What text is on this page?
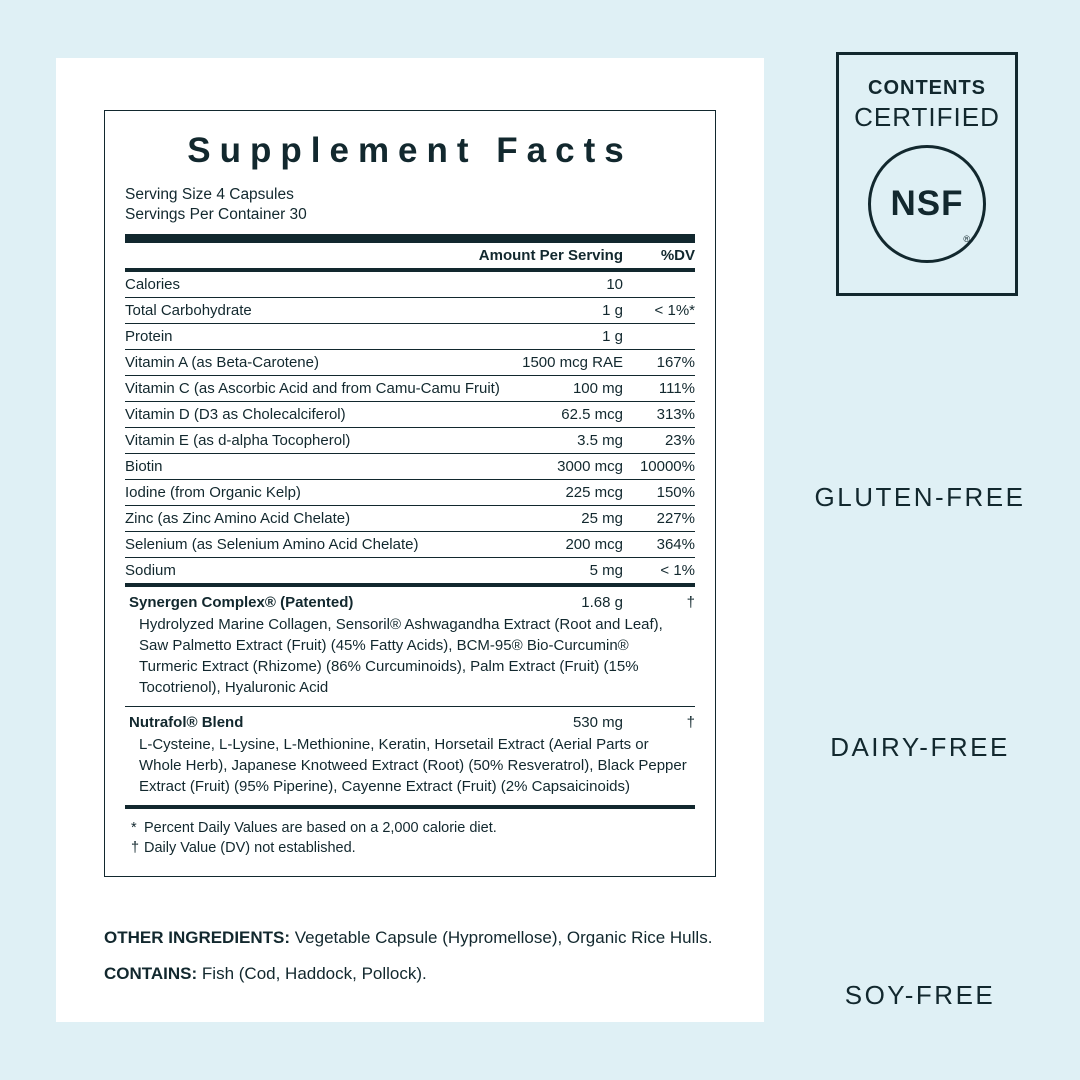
Supplement Facts
Serving Size 4 Capsules
Servings Per Container 30
	Amount Per Serving	%DV
Calories	10	
Total Carbohydrate	1 g	< 1%*
Protein	1 g	
Vitamin A (as Beta-Carotene)	1500 mcg RAE	167%
Vitamin C (as Ascorbic Acid and from Camu-Camu Fruit)	100 mg	111%
Vitamin D (D3 as Cholecalciferol)	62.5 mcg	313%
Vitamin E (as d-alpha Tocopherol)	3.5 mg	23%
Biotin	3000 mcg	10000%
Iodine (from Organic Kelp)	225 mcg	150%
Zinc (as Zinc Amino Acid Chelate)	25 mg	227%
Selenium (as Selenium Amino Acid Chelate)	200 mcg	364%
Sodium	5 mg	< 1%
Synergen Complex® (Patented)	1.68 g	†
Hydrolyzed Marine Collagen, Sensoril® Ashwagandha Extract (Root and Leaf), Saw Palmetto Extract (Fruit) (45% Fatty Acids), BCM-95® Bio-Curcumin® Turmeric Extract (Rhizome) (86% Curcuminoids), Palm Extract (Fruit) (15% Tocotrienol), Hyaluronic Acid
Nutrafol® Blend	530 mg	†
L-Cysteine, L-Lysine, L-Methionine, Keratin, Horsetail Extract (Aerial Parts or Whole Herb), Japanese Knotweed Extract (Root) (50% Resveratrol), Black Pepper Extract (Fruit) (95% Piperine), Cayenne Extract (Fruit) (2% Capsaicinoids)
* Percent Daily Values are based on a 2,000 calorie diet.
† Daily Value (DV) not established.

OTHER INGREDIENTS: Vegetable Capsule (Hypromellose), Organic Rice Hulls.

CONTAINS: Fish (Cod, Haddock, Pollock).

CONTENTS
CERTIFIED
NSF
®
GLUTEN-FREE
DAIRY-FREE
SOY-FREE
